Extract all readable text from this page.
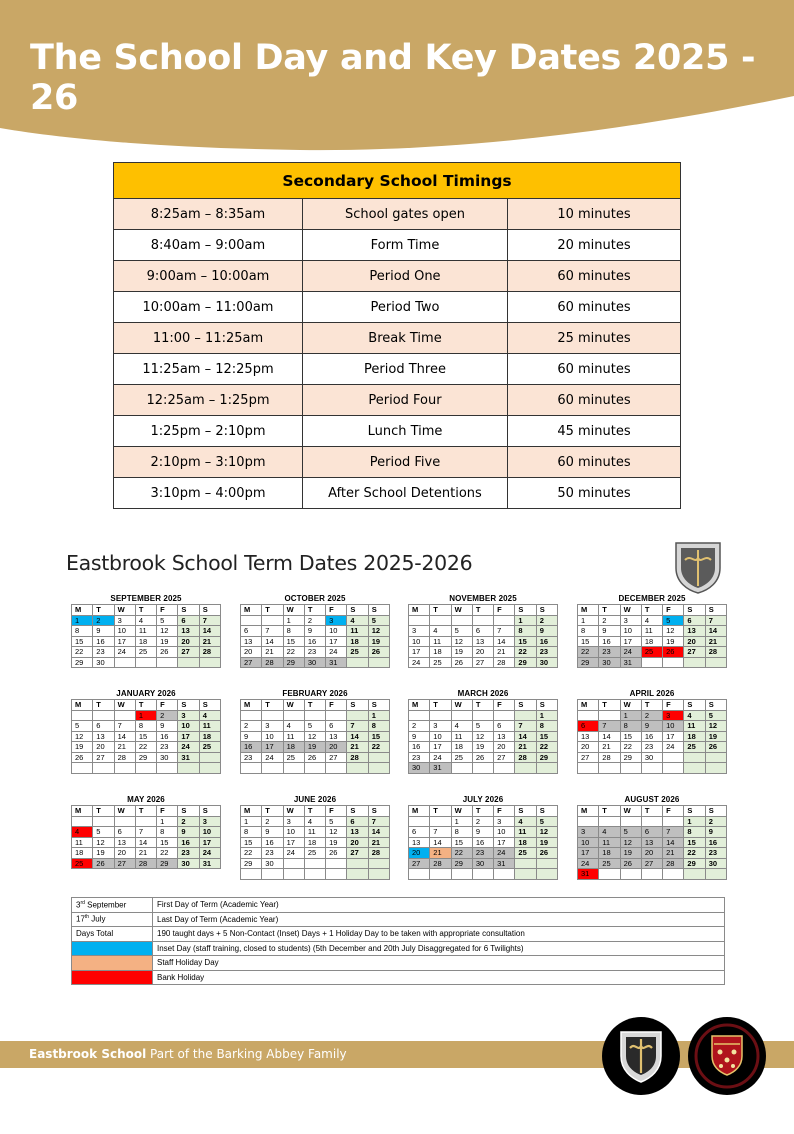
The School Day and Key Dates 2025 - 26
Secondary School Timings		
8:25am – 8:35am	School gates open	10 minutes
8:40am – 9:00am	Form Time	20 minutes
9:00am – 10:00am	Period One	60 minutes
10:00am – 11:00am	Period Two	60 minutes
11:00 – 11:25am	Break Time	25 minutes
11:25am – 12:25pm	Period Three	60 minutes
12:25am – 1:25pm	Period Four	60 minutes
1:25pm – 2:10pm	Lunch Time	45 minutes
2:10pm – 3:10pm	Period Five	60 minutes
3:10pm – 4:00pm	After School Detentions	50 minutes
Eastbrook School Term Dates 2025-2026
SEPTEMBER 2025
M	T	W	T	F	S	S
1	2	3	4	5	6	7
8	9	10	11	12	13	14
15	16	17	18	19	20	21
22	23	24	25	26	27	28
29	30					
OCTOBER 2025
M	T	W	T	F	S	S
		1	2	3	4	5
6	7	8	9	10	11	12
13	14	15	16	17	18	19
20	21	22	23	24	25	26
27	28	29	30	31		
NOVEMBER 2025
M	T	W	T	F	S	S
					1	2
3	4	5	6	7	8	9
10	11	12	13	14	15	16
17	18	19	20	21	22	23
24	25	26	27	28	29	30
DECEMBER 2025
M	T	W	T	F	S	S
1	2	3	4	5	6	7
8	9	10	11	12	13	14
15	16	17	18	19	20	21
22	23	24	25	26	27	28
29	30	31				
JANUARY 2026
M	T	W	T	F	S	S
			1	2	3	4
5	6	7	8	9	10	11
12	13	14	15	16	17	18
19	20	21	22	23	24	25
26	27	28	29	30	31	

FEBRUARY 2026
M	T	W	T	F	S	S
						1
2	3	4	5	6	7	8
9	10	11	12	13	14	15
16	17	18	19	20	21	22
23	24	25	26	27	28	

MARCH 2026
M	T	W	T	F	S	S
						1
2	3	4	5	6	7	8
9	10	11	12	13	14	15
16	17	18	19	20	21	22
23	24	25	26	27	28	29
30	31					
APRIL 2026
M	T	W	T	F	S	S
		1	2	3	4	5
6	7	8	9	10	11	12
13	14	15	16	17	18	19
20	21	22	23	24	25	26
27	28	29	30			

MAY 2026
M	T	W	T	F	S	S
				1	2	3
4	5	6	7	8	9	10
11	12	13	14	15	16	17
18	19	20	21	22	23	24
25	26	27	28	29	30	31
JUNE 2026
M	T	W	T	F	S	S
1	2	3	4	5	6	7
8	9	10	11	12	13	14
15	16	17	18	19	20	21
22	23	24	25	26	27	28
29	30					

JULY 2026
M	T	W	T	F	S	S
		1	2	3	4	5
6	7	8	9	10	11	12
13	14	15	16	17	18	19
20	21	22	23	24	25	26
27	28	29	30	31		

AUGUST 2026
M	T	W	T	F	S	S
					1	2
3	4	5	6	7	8	9
10	11	12	13	14	15	16
17	18	19	20	21	22	23
24	25	26	27	28	29	30
31						
3rd September	First Day of Term (Academic Year)
17th July	Last Day of Term (Academic Year)
Days Total	190 taught days + 5 Non-Contact (Inset) Days + 1 Holiday Day to be taken with appropriate consultation
	Inset Day (staff training, closed to students) (5th December and 20th July Disaggregated for 6 Twilights)
	Staff Holiday Day
	Bank Holiday
Eastbrook School Part of the Barking Abbey Family
